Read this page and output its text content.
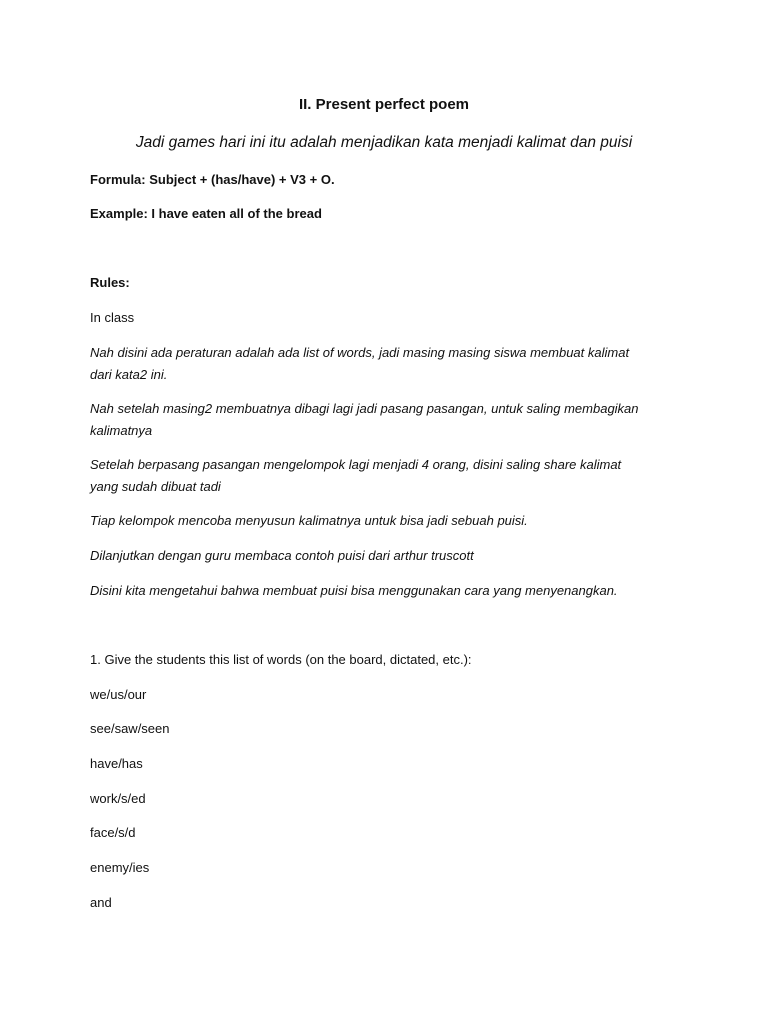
II. Present perfect poem
Jadi games hari ini itu adalah menjadikan kata menjadi kalimat dan puisi
Formula: Subject + (has/have) + V3 + O.
Example: I have eaten all of the bread
Rules:
In class
Nah disini ada peraturan adalah ada list of words, jadi masing masing siswa membuat kalimat
dari kata2 ini.
Nah setelah masing2 membuatnya dibagi lagi jadi pasang pasangan, untuk saling membagikan
kalimatnya
Setelah berpasang pasangan mengelompok lagi menjadi 4 orang, disini saling share kalimat
yang sudah dibuat tadi
Tiap kelompok mencoba menyusun kalimatnya untuk bisa jadi sebuah puisi.
Dilanjutkan dengan guru membaca contoh puisi dari arthur truscott
Disini kita mengetahui bahwa membuat puisi bisa menggunakan cara yang menyenangkan.
1. Give the students this list of words (on the board, dictated, etc.):
we/us/our
see/saw/seen
have/has
work/s/ed
face/s/d
enemy/ies
and
